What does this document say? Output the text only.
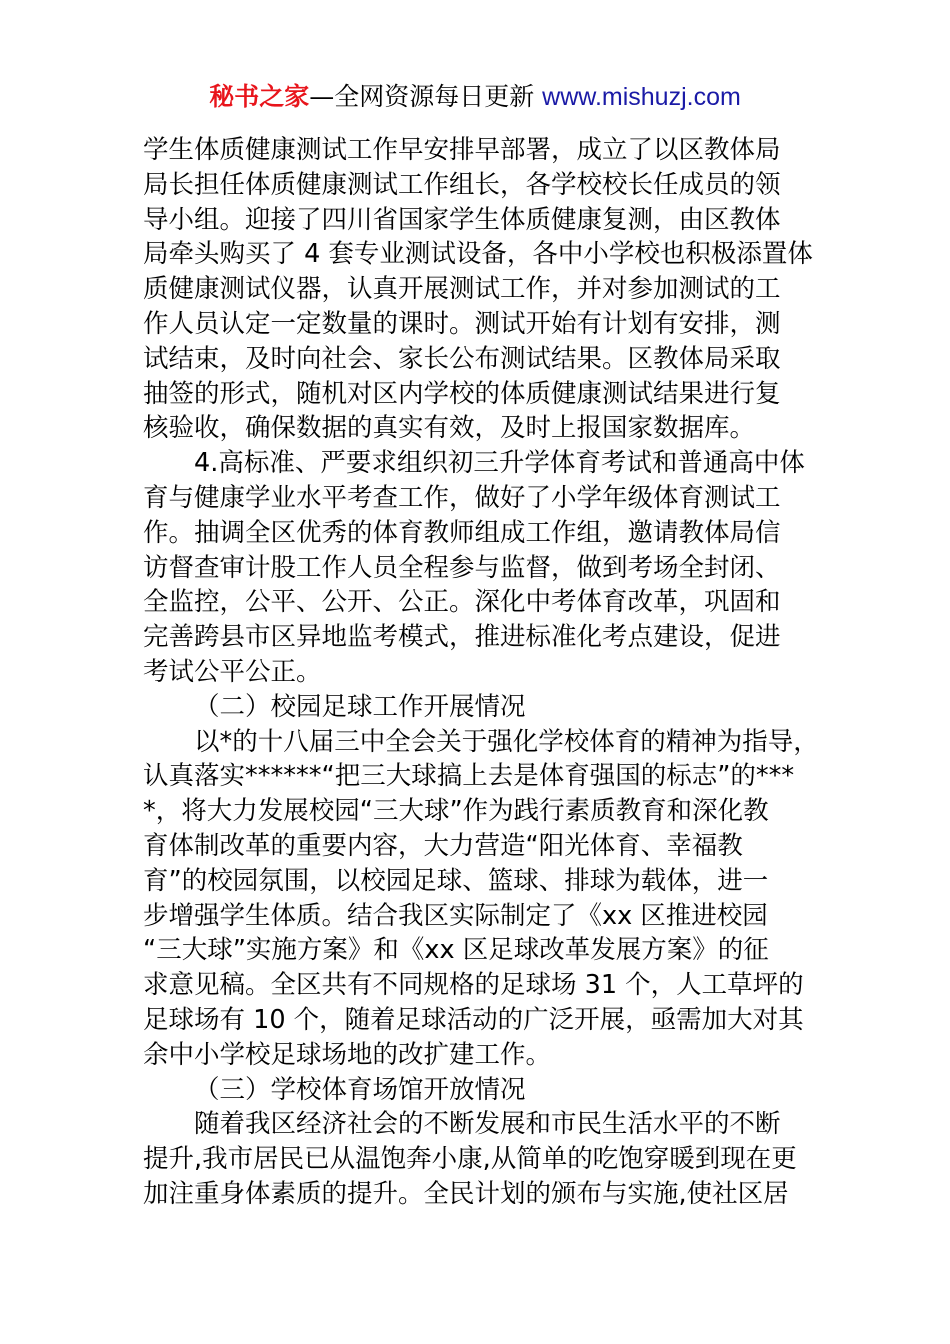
秘书之家—全网资源每日更新 www.mishuzj.com
学生体质健康测试工作早安排早部署，成立了以区教体局
局长担任体质健康测试工作组长，各学校校长任成员的领
导小组。迎接了四川省国家学生体质健康复测，由区教体
局牵头购买了 4 套专业测试设备，各中小学校也积极添置体
质健康测试仪器，认真开展测试工作，并对参加测试的工
作人员认定一定数量的课时。测试开始有计划有安排，测
试结束，及时向社会、家长公布测试结果。区教体局采取
抽签的形式，随机对区内学校的体质健康测试结果进行复
核验收，确保数据的真实有效，及时上报国家数据库。
4.高标准、严要求组织初三升学体育考试和普通高中体
育与健康学业水平考查工作，做好了小学年级体育测试工
作。抽调全区优秀的体育教师组成工作组，邀请教体局信
访督查审计股工作人员全程参与监督，做到考场全封闭、
全监控，公平、公开、公正。深化中考体育改革，巩固和
完善跨县市区异地监考模式，推进标准化考点建设，促进
考试公平公正。
（二）校园足球工作开展情况
以*的十八届三中全会关于强化学校体育的精神为指导，
认真落实******“把三大球搞上去是体育强国的标志”的***
*，将大力发展校园“三大球”作为践行素质教育和深化教
育体制改革的重要内容，大力营造“阳光体育、幸福教
育”的校园氛围，以校园足球、篮球、排球为载体，进一
步增强学生体质。结合我区实际制定了《xx 区推进校园
“三大球”实施方案》和《xx 区足球改革发展方案》的征
求意见稿。全区共有不同规格的足球场 31 个，人工草坪的
足球场有 10 个，随着足球活动的广泛开展，亟需加大对其
余中小学校足球场地的改扩建工作。
（三）学校体育场馆开放情况
随着我区经济社会的不断发展和市民生活水平的不断
提升,我市居民已从温饱奔小康,从简单的吃饱穿暖到现在更
加注重身体素质的提升。全民计划的颁布与实施,使社区居
